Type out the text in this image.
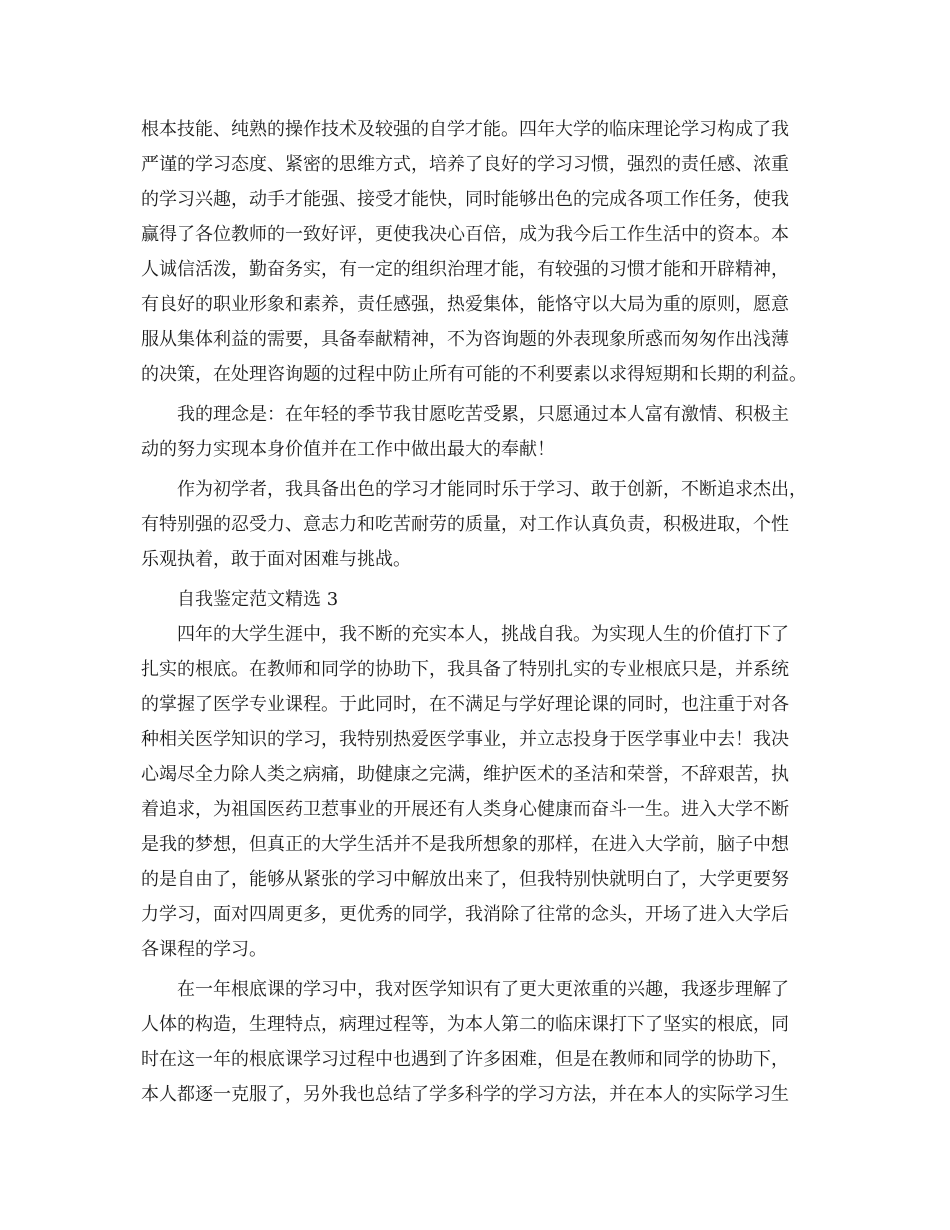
根本技能、纯熟的操作技术及较强的自学才能。四年大学的临床理论学习构成了我
严谨的学习态度、紧密的思维方式，培养了良好的学习习惯，强烈的责任感、浓重
的学习兴趣，动手才能强、接受才能快，同时能够出色的完成各项工作任务，使我
赢得了各位教师的一致好评，更使我决心百倍，成为我今后工作生活中的资本。本
人诚信活泼，勤奋务实，有一定的组织治理才能，有较强的习惯才能和开辟精神，
有良好的职业形象和素养，责任感强，热爱集体，能恪守以大局为重的原则，愿意
服从集体利益的需要，具备奉献精神，不为咨询题的外表现象所惑而匆匆作出浅薄
的决策，在处理咨询题的过程中防止所有可能的不利要素以求得短期和长期的利益。
我的理念是：在年轻的季节我甘愿吃苦受累，只愿通过本人富有激情、积极主
动的努力实现本身价值并在工作中做出最大的奉献！
作为初学者，我具备出色的学习才能同时乐于学习、敢于创新，不断追求杰出，
有特别强的忍受力、意志力和吃苦耐劳的质量，对工作认真负责，积极进取，个性
乐观执着，敢于面对困难与挑战。
自我鉴定范文精选 3
四年的大学生涯中，我不断的充实本人，挑战自我。为实现人生的价值打下了
扎实的根底。在教师和同学的协助下，我具备了特别扎实的专业根底只是，并系统
的掌握了医学专业课程。于此同时，在不满足与学好理论课的同时，也注重于对各
种相关医学知识的学习，我特别热爱医学事业，并立志投身于医学事业中去！我决
心竭尽全力除人类之病痛，助健康之完满，维护医术的圣洁和荣誉，不辞艰苦，执
着追求，为祖国医药卫惹事业的开展还有人类身心健康而奋斗一生。进入大学不断
是我的梦想，但真正的大学生活并不是我所想象的那样，在进入大学前，脑子中想
的是自由了，能够从紧张的学习中解放出来了，但我特别快就明白了，大学更要努
力学习，面对四周更多，更优秀的同学，我消除了往常的念头，开场了进入大学后
各课程的学习。
在一年根底课的学习中，我对医学知识有了更大更浓重的兴趣，我逐步理解了
人体的构造，生理特点，病理过程等，为本人第二的临床课打下了坚实的根底，同
时在这一年的根底课学习过程中也遇到了许多困难，但是在教师和同学的协助下，
本人都逐一克服了，另外我也总结了学多科学的学习方法，并在本人的实际学习生
